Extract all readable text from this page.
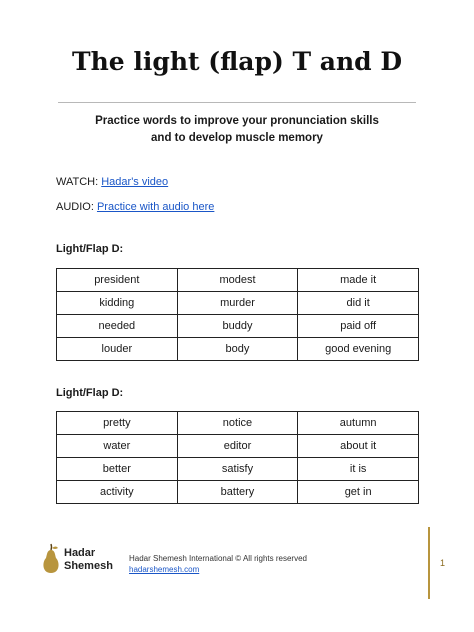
The light (flap) T and D
Practice words to improve your pronunciation skills
and to develop muscle memory
WATCH: Hadar's video
AUDIO: Practice with audio here
Light/Flap D:
president	modest	made it
kidding	murder	did it
needed	buddy	paid off
louder	body	good evening
Light/Flap D:
pretty	notice	autumn
water	editor	about it
better	satisfy	it is
activity	battery	get in
Hadar
Shemesh
Hadar Shemesh International © All rights reserved
hadarshemesh.com
1
